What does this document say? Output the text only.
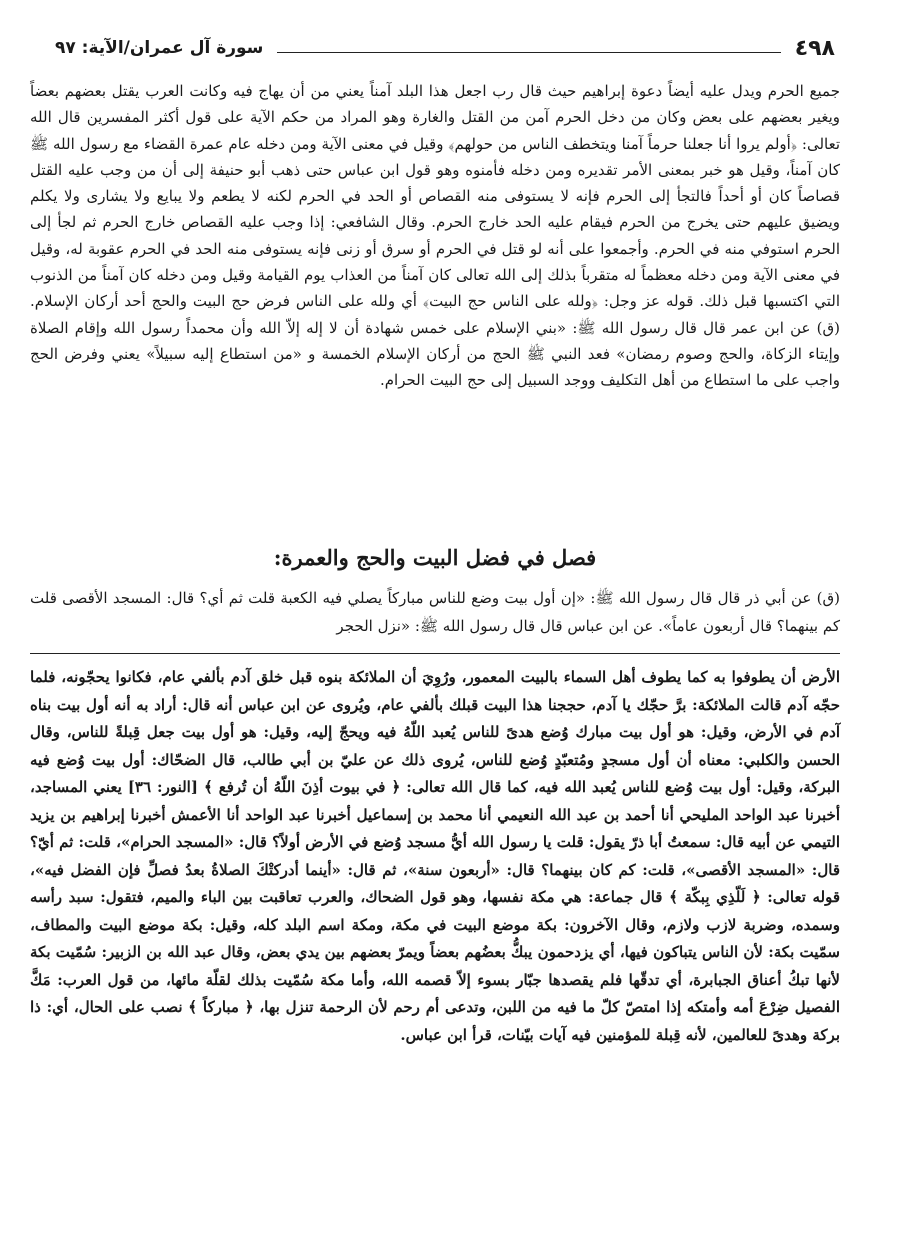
٤٩٨
سورة آل عمران/الآية: ٩٧

جميع الحرم ويدل عليه أيضاً دعوة إبراهيم حيث قال رب اجعل هذا البلد آمناً يعني من أن يهاج فيه وكانت العرب يقتل بعضهم بعضاً ويغير بعضهم على بعض وكان من دخل الحرم آمن من القتل والغارة وهو المراد من حكم الآية على قول أكثر المفسرين قال الله تعالى: ﴿أولم يروا أنا جعلنا حرماً آمنا ويتخطف الناس من حولهم﴾ وقيل في معنى الآية ومن دخله عام عمرة القضاء مع رسول الله ﷺ كان آمناً، وقيل هو خبر بمعنى الأمر تقديره ومن دخله فأمنوه وهو قول ابن عباس حتى ذهب أبو حنيفة إلى أن من وجب عليه القتل قصاصاً كان أو أحداً فالتجأ إلى الحرم فإنه لا يستوفى منه القصاص أو الحد في الحرم لكنه لا يطعم ولا يبايع ولا يشارى ولا يكلم ويضيق عليهم حتى يخرج من الحرم فيقام عليه الحد خارج الحرم. وقال الشافعي: إذا وجب عليه القصاص خارج الحرم ثم لجأ إلى الحرم استوفي منه في الحرم. وأجمعوا على أنه لو قتل في الحرم أو سرق أو زنى فإنه يستوفى منه الحد في الحرم عقوبة له، وقيل في معنى الآية ومن دخله معظماً له متقرباً بذلك إلى الله تعالى كان آمناً من العذاب يوم القيامة وقيل ومن دخله كان آمناً من الذنوب التي اكتسبها قبل ذلك. قوله عز وجل: ﴿ولله على الناس حج البيت﴾ أي ولله على الناس فرض حج البيت والحج أحد أركان الإسلام. (ق) عن ابن عمر قال قال رسول الله ﷺ: «بني الإسلام على خمس شهادة أن لا إله إلاّ الله وأن محمداً رسول الله وإقام الصلاة وإيتاء الزكاة، والحج وصوم رمضان» فعد النبي ﷺ الحج من أركان الإسلام الخمسة و «من استطاع إليه سبيلاً» يعني وفرض الحج واجب على ما استطاع من أهل التكليف ووجد السبيل إلى حج البيت الحرام.

فصل في فضل البيت والحج والعمرة:

(ق) عن أبي ذر قال قال رسول الله ﷺ: «إن أول بيت وضع للناس مباركاً يصلي فيه الكعبة قلت ثم أي؟ قال: المسجد الأقصى قلت كم بينهما؟ قال أربعون عاماً». عن ابن عباس قال قال رسول الله ﷺ: «نزل الحجر

الأرض أن يطوفوا به كما يطوف أهل السماء بالبيت المعمور، ورُوِيَ أن الملائكة بنوه قبل خلق آدم بألفي عام، فكانوا يحجّونه، فلما حجّه آدم قالت الملائكة: برَّ حجّك يا آدم، حججنا هذا البيت قبلك بألفي عام، ويُروى عن ابن عباس أنه قال: أراد به أنه أول بيت بناه آدم في الأرض، وقيل: هو أول بيت مبارك وُضع هدىً للناس يُعبد اللّهُ فيه ويحجّ إليه، وقيل: هو أول بيت جعل قِبلةً للناس، وقال الحسن والكلبي: معناه أن أول مسجدٍ ومُتعبّدٍ وُضع للناس، يُروى ذلك عن عليّ بن أبي طالب، قال الضحّاك: أول بيت وُضع فيه البركة، وقيل: أول بيت وُضع للناس يُعبد الله فيه، كما قال الله تعالى: ﴿ في بيوت أذِنَ اللّهُ أن تُرفع ﴾ [النور: ٣٦] يعني المساجد، أخبرنا عبد الواحد المليحي أنا أحمد بن عبد الله النعيمي أنا محمد بن إسماعيل أخبرنا عبد الواحد أنا الأعمش أخبرنا إبراهيم بن يزيد التيمي عن أبيه قال: سمعتُ أبا ذرّ يقول: قلت يا رسول الله أيُّ مسجد وُضع في الأرض أولاً؟ قال: «المسجد الحرام»، قلت: ثم أيّ؟ قال: «المسجد الأقصى»، قلت: كم كان بينهما؟ قال: «أربعون سنة»، ثم قال: «أينما أدركتْكَ الصلاةُ بعدُ فصلِّ فإن الفضل فيه»، قوله تعالى: ﴿ لَلّذِي بِبكّة ﴾ قال جماعة: هي مكة نفسها، وهو قول الضحاك، والعرب تعاقبت بين الباء والميم، فتقول: سبد رأسه وسمده، وضربة لازب ولازم، وقال الآخرون: بكة موضع البيت في مكة، ومكة اسم البلد كله، وقيل: بكة موضع البيت والمطاف، سمّيت بكة: لأن الناس يتباكون فيها، أي يزدحمون يبكُّ بعضُهم بعضاً ويمرّ بعضهم بين يدي بعض، وقال عبد الله بن الزبير: سُمّيت بكة لأنها تبكُ أعناق الجبابرة، أي تدقّها فلم يقصدها جبّار بسوء إلاّ قصمه الله، وأما مكة سُمّيت بذلك لقلّة مائها، من قول العرب: مَكَّ الفصيل ضِرْعَ أمه وأمتكه إذا امتصّ كلّ ما فيه من اللبن، وتدعى أم رحم لأن الرحمة تنزل بها، ﴿ مباركاً ﴾ نصب على الحال، أي: ذا بركة وهدىً للعالمين، لأنه قِبلة للمؤمنين فيه آيات بيّنات، قرأ ابن عباس.
